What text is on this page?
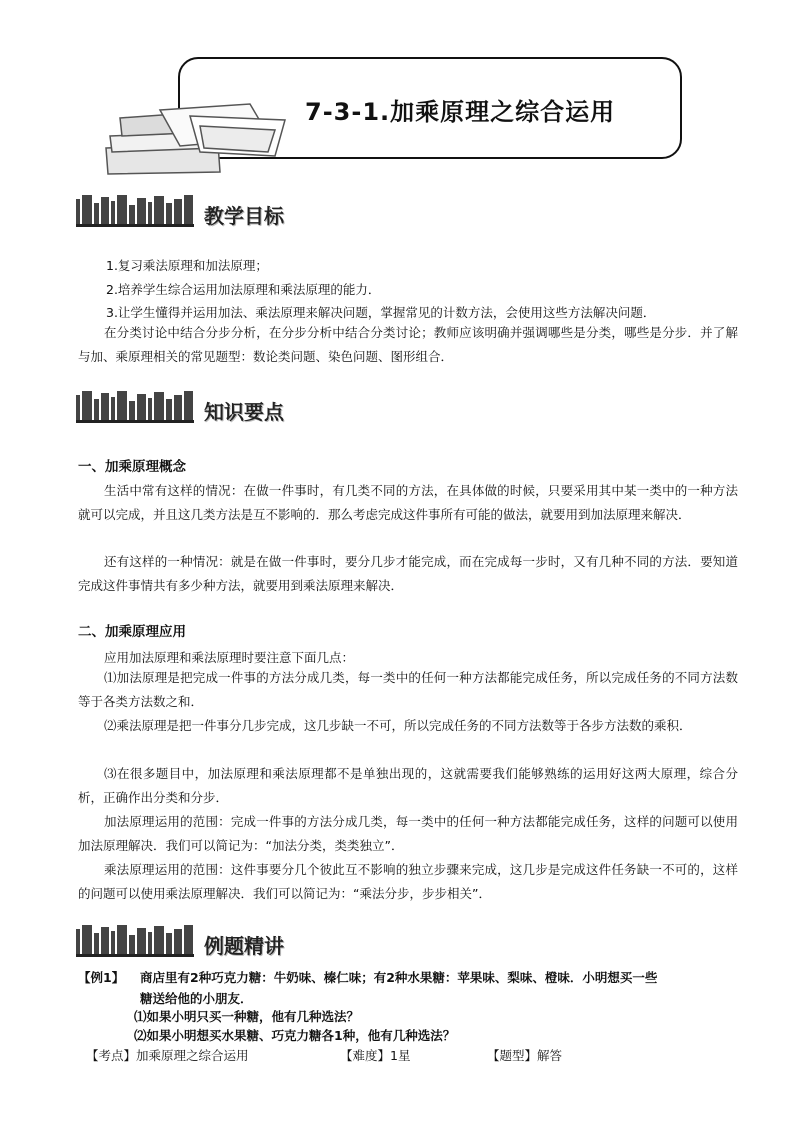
7-3-1.加乘原理之综合运用
教学目标
1.复习乘法原理和加法原理；
2.培养学生综合运用加法原理和乘法原理的能力．
3.让学生懂得并运用加法、乘法原理来解决问题，掌握常见的计数方法，会使用这些方法解决问题．

在分类讨论中结合分步分析，在分步分析中结合分类讨论；教师应该明确并强调哪些是分类，哪些是分步．并了解与加、乘原理相关的常见题型：数论类问题、染色问题、图形组合．

知识要点
一、加乘原理概念

生活中常有这样的情况：在做一件事时，有几类不同的方法，在具体做的时候，只要采用其中某一类中的一种方法就可以完成，并且这几类方法是互不影响的．那么考虑完成这件事所有可能的做法，就要用到加法原理来解决．

还有这样的一种情况：就是在做一件事时，要分几步才能完成，而在完成每一步时，又有几种不同的方法．要知道完成这件事情共有多少种方法，就要用到乘法原理来解决．

二、加乘原理应用
应用加法原理和乘法原理时要注意下面几点：

⑴加法原理是把完成一件事的方法分成几类，每一类中的任何一种方法都能完成任务，所以完成任务的不同方法数等于各类方法数之和．

⑵乘法原理是把一件事分几步完成，这几步缺一不可，所以完成任务的不同方法数等于各步方法数的乘积．

⑶在很多题目中，加法原理和乘法原理都不是单独出现的，这就需要我们能够熟练的运用好这两大原理，综合分析，正确作出分类和分步．

加法原理运用的范围：完成一件事的方法分成几类，每一类中的任何一种方法都能完成任务，这样的问题可以使用加法原理解决．我们可以简记为：“加法分类，类类独立”．

乘法原理运用的范围：这件事要分几个彼此互不影响的独立步骤来完成，这几步是完成这件任务缺一不可的，这样的问题可以使用乘法原理解决．我们可以简记为：“乘法分步，步步相关”．

例题精讲
【例1】 商店里有2种巧克力糖：牛奶味、榛仁味；有2种水果糖：苹果味、梨味、橙味．小明想买一些
糖送给他的小朋友．
⑴如果小明只买一种糖，他有几种选法？
⑵如果小明想买水果糖、巧克力糖各1种，他有几种选法？
【考点】加乘原理之综合运用	【难度】1星	【题型】解答
